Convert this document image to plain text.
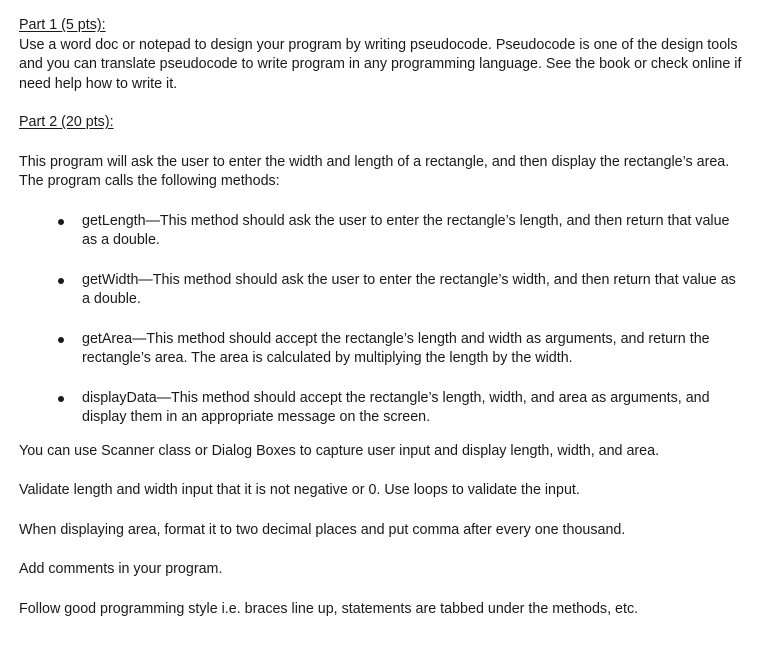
Part 1 (5 pts):

Use a word doc or notepad to design your program by writing pseudocode. Pseudocode is one of the design tools and you can translate pseudocode to write program in any programming language. See the book or check online if need help how to write it.

Part 2 (20 pts):

This program will ask the user to enter the width and length of a rectangle, and then display the rectangle’s area. The program calls the following methods:

getLength—This method should ask the user to enter the rectangle’s length, and then return that value as a double.
getWidth—This method should ask the user to enter the rectangle’s width, and then return that value as a double.
getArea—This method should accept the rectangle’s length and width as arguments, and return the rectangle’s area. The area is calculated by multiplying the length by the width.
displayData—This method should accept the rectangle’s length, width, and area as arguments, and display them in an appropriate message on the screen.

You can use Scanner class or Dialog Boxes to capture user input and display length, width, and area.

Validate length and width input that it is not negative or 0. Use loops to validate the input.

When displaying area, format it to two decimal places and put comma after every one thousand.

Add comments in your program.

Follow good programming style i.e. braces line up, statements are tabbed under the methods, etc.
